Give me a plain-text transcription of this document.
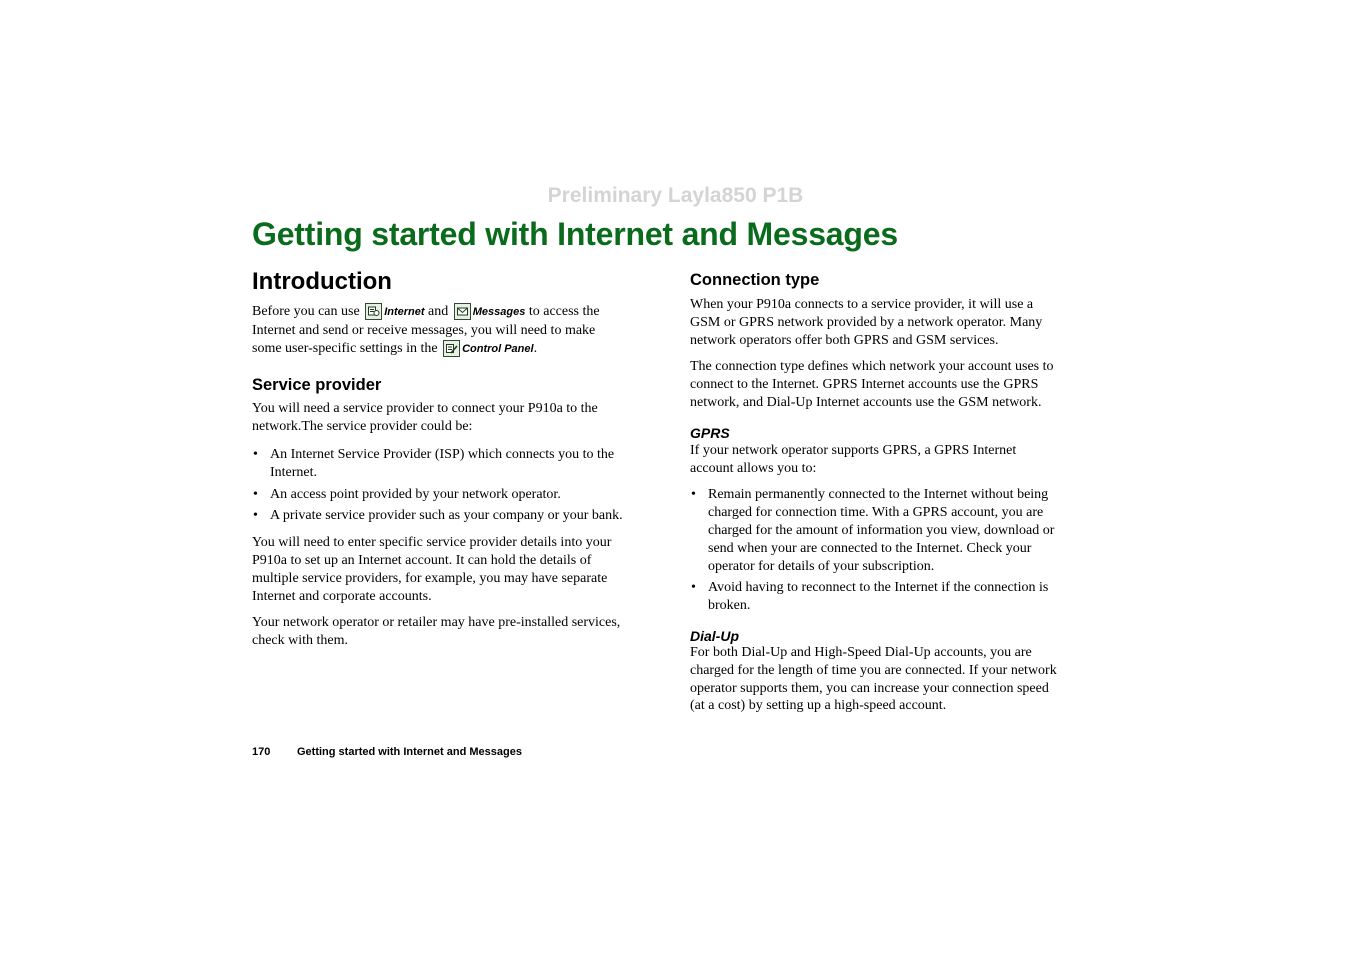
Preliminary Layla850 P1B
Getting started with Internet and Messages
Introduction

Before you can use
Internet and
Messages to access the Internet and send or receive messages, you will need to make some user-specific settings in the
Control Panel.

Service provider

You will need a service provider to connect your P910a to the network.The service provider could be:

• An Internet Service Provider (ISP) which connects you to the Internet.
• An access point provided by your network operator.
• A private service provider such as your company or your bank.

You will need to enter specific service provider details into your P910a to set up an Internet account. It can hold the details of multiple service providers, for example, you may have separate Internet and corporate accounts.

Your network operator or retailer may have pre-installed services, check with them.

Connection type

When your P910a connects to a service provider, it will use a GSM or GPRS network provided by a network operator. Many network operators offer both GPRS and GSM services.

The connection type defines which network your account uses to connect to the Internet. GPRS Internet accounts use the GPRS network, and Dial-Up Internet accounts use the GSM network.

GPRS

If your network operator supports GPRS, a GPRS Internet account allows you to:

• Remain permanently connected to the Internet without being charged for connection time. With a GPRS account, you are charged for the amount of information you view, download or send when your are connected to the Internet. Check your operator for details of your subscription.
• Avoid having to reconnect to the Internet if the connection is broken.
Dial-Up

For both Dial-Up and High-Speed Dial-Up accounts, you are charged for the length of time you are connected. If your network operator supports them, you can increase your connection speed (at a cost) by setting up a high-speed account.

170 Getting started with Internet and Messages
